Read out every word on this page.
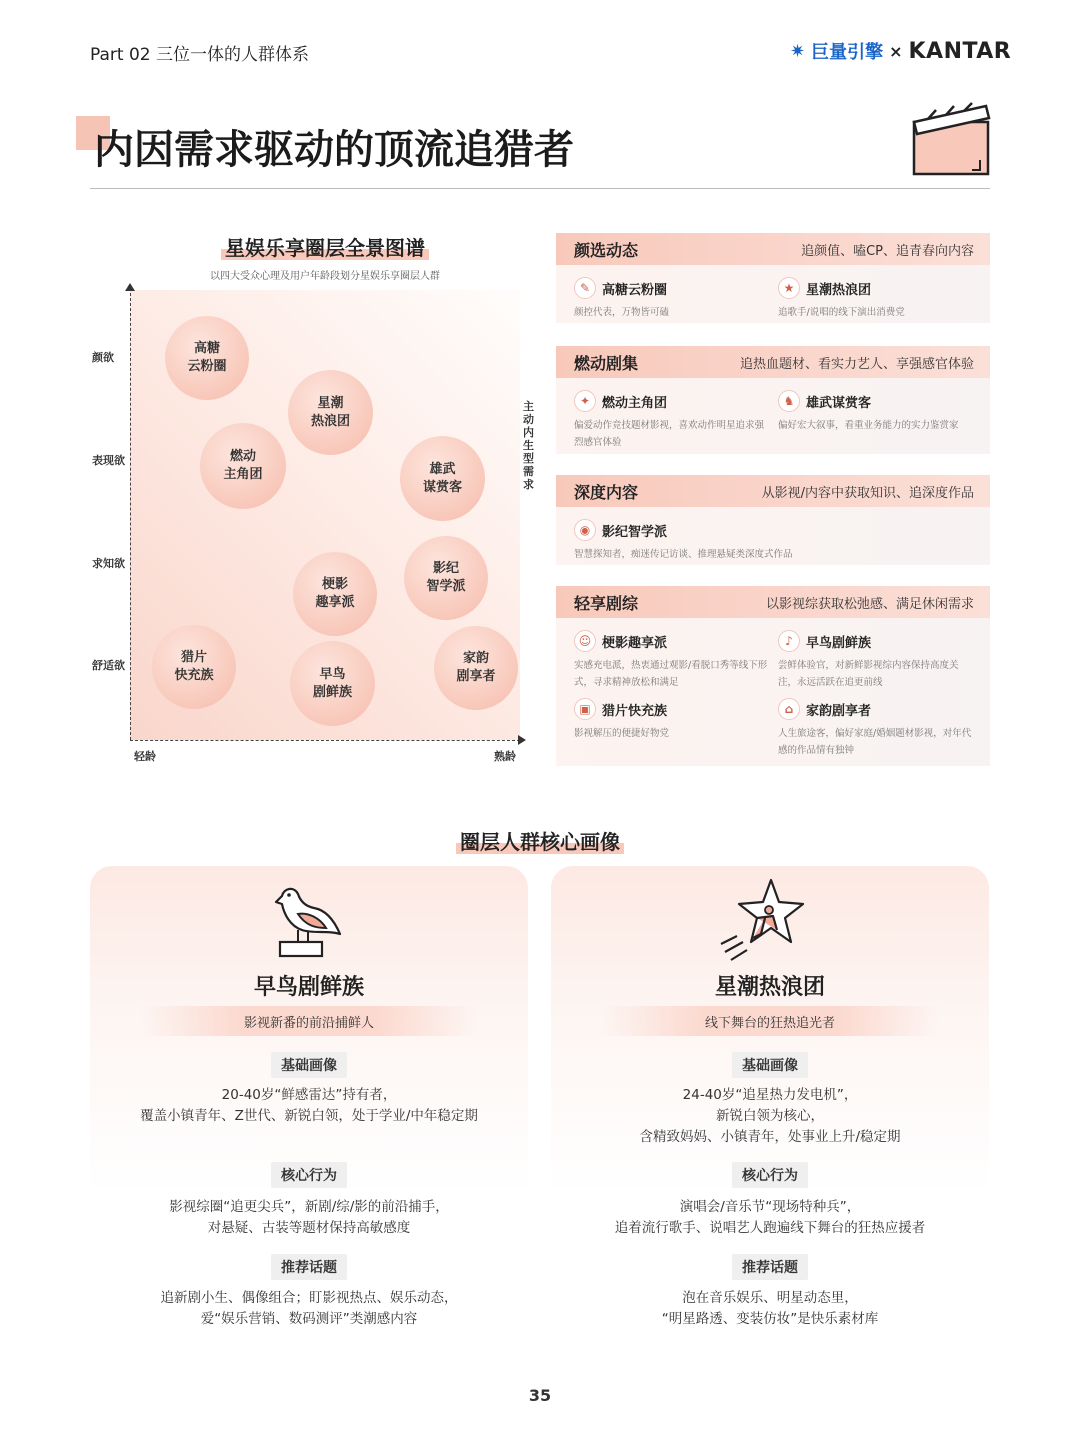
Part 02 三位一体的人群体系	✷ 巨量引擎 × KANTAR
内因需求驱动的顶流追猎者
星娱乐享圈层全景图谱
以四大受众心理及用户年龄段划分星娱乐享圈层人群
颜欲
表现欲
求知欲
舒适欲
轻龄	熟龄
主动内生型需求
高糖
云粉圈
星潮
热浪团
燃动
主角团	雄武
谋赏客
梗影
趣享派
影纪
智学派
猎片
快充族	早鸟
剧鲜族
家韵
剧享者
颜选动态	追颜值、嗑CP、追青春向内容
✎ 高糖云粉圈
颜控代表，万物皆可磕
★ 星潮热浪团
追歌手/说唱的线下演出消费党
燃动剧集	追热血题材、看实力艺人、享强感官体验
✦ 燃动主角团
偏爱动作竞技题材影视，喜欢动作明星追求强烈感官体验
♞ 雄武谋赏客
偏好宏大叙事，看重业务能力的实力鉴赏家
深度内容	从影视/内容中获取知识、追深度作品
◉ 影纪智学派
智慧探知者，痴迷传记访谈、推理悬疑类深度式作品
轻享剧综	以影视综获取松弛感、满足休闲需求
☺ 梗影趣享派
实感充电派，热衷通过观影/看脱口秀等线下形式，寻求精神放松和满足
♪	早鸟剧鲜族
尝鲜体验官，对新鲜影视综内容保持高度关注，永远活跃在追更前线
▣ 猎片快充族
影视解压的便捷好物党
⌂ 家韵剧享者
人生旅途客，偏好家庭/婚姻题材影视，对年代感的作品情有独钟
圈层人群核心画像
早鸟剧鲜族
影视新番的前沿捕鲜人
基础画像
20-40岁“鲜感雷达”持有者，
覆盖小镇青年、Z世代、新锐白领，处于学业/中年稳定期
核心行为
影视综圈“追更尖兵”，新剧/综/影的前沿捕手，
对悬疑、古装等题材保持高敏感度
推荐话题
追新剧小生、偶像组合；盯影视热点、娱乐动态，
爱“娱乐营销、数码测评”类潮感内容
星潮热浪团
线下舞台的狂热追光者
基础画像
24-40岁“追星热力发电机”，
新锐白领为核心，
含精致妈妈、小镇青年，处事业上升/稳定期
核心行为
演唱会/音乐节“现场特种兵”，
追着流行歌手、说唱艺人跑遍线下舞台的狂热应援者
推荐话题
泡在音乐娱乐、明星动态里，
“明星路透、变装仿妆”是快乐素材库
35
